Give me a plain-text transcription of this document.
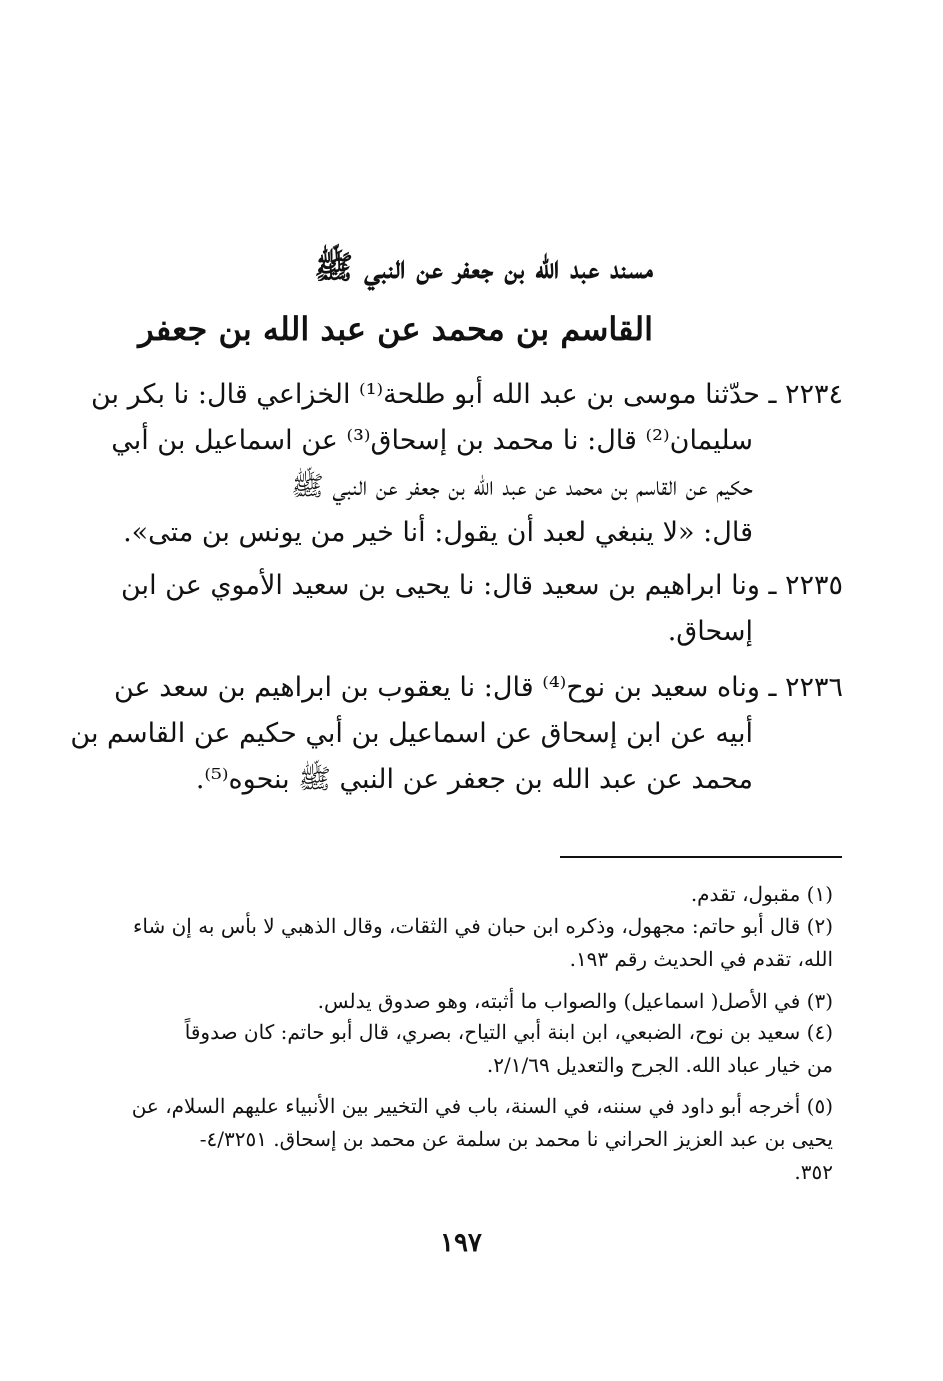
مسند عبد الله بن جعفر عن النبي ﷺ
القاسم بن محمد عن عبد الله بن جعفر
٢٢٣٤ ـ حدّثنا موسى بن عبد الله أبو طلحة⁽¹⁾ الخزاعي قال: نا بكر بن
سليمان⁽²⁾ قال: نا محمد بن إسحاق⁽³⁾ عن اسماعيل بن أبي
حكيم عن القاسم بن محمد عن عبد الله بن جعفر عن النبي ﷺ
قال: «لا ينبغي لعبد أن يقول: أنا خير من يونس بن متى».
٢٢٣٥ ـ ونا ابراهيم بن سعيد قال: نا يحيى بن سعيد الأموي عن ابن
إسحاق.
٢٢٣٦ ـ وناه سعيد بن نوح⁽⁴⁾ قال: نا يعقوب بن ابراهيم بن سعد عن
أبيه عن ابن إسحاق عن اسماعيل بن أبي حكيم عن القاسم بن
محمد عن عبد الله بن جعفر عن النبي ﷺ بنحوه⁽⁵⁾.
(١) مقبول، تقدم.
(٢) قال أبو حاتم: مجهول، وذكره ابن حبان في الثقات، وقال الذهبي لا بأس به إن شاء
الله، تقدم في الحديث رقم ١٩٣.
(٣) في الأصل( اسماعيل) والصواب ما أثبته، وهو صدوق يدلس.
(٤) سعيد بن نوح، الضبعي، ابن ابنة أبي التياح، بصري، قال أبو حاتم: كان صدوقاً
من خيار عباد الله. الجرح والتعديل ٢/١/٦٩.
(٥) أخرجه أبو داود في سننه، في السنة، باب في التخيير بين الأنبياء عليهم السلام، عن
يحيى بن عبد العزيز الحراني نا محمد بن سلمة عن محمد بن إسحاق. ٤/٣٢٥١-
٣٥٢.
١٩٧
